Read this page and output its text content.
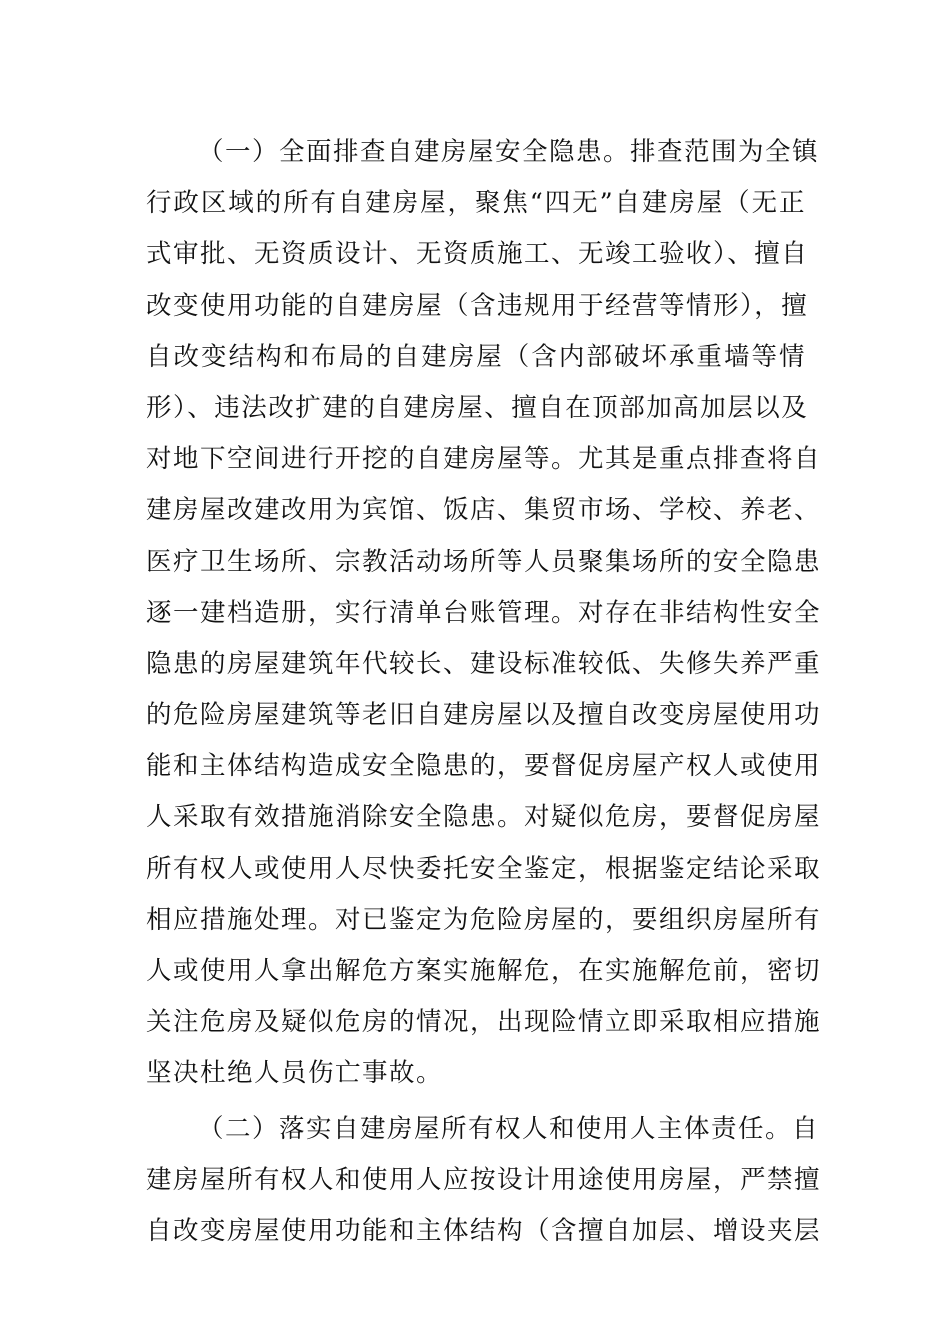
（一）全面排查自建房屋安全隐患。排查范围为全镇
行政区域的所有自建房屋，聚焦“四无”自建房屋（无正
式审批、无资质设计、无资质施工、无竣工验收）、擅自
改变使用功能的自建房屋（含违规用于经营等情形），擅
自改变结构和布局的自建房屋（含内部破坏承重墙等情
形）、违法改扩建的自建房屋、擅自在顶部加高加层以及
对地下空间进行开挖的自建房屋等。尤其是重点排查将自
建房屋改建改用为宾馆、饭店、集贸市场、学校、养老、
医疗卫生场所、宗教活动场所等人员聚集场所的安全隐患
逐一建档造册，实行清单台账管理。对存在非结构性安全
隐患的房屋建筑年代较长、建设标准较低、失修失养严重
的危险房屋建筑等老旧自建房屋以及擅自改变房屋使用功
能和主体结构造成安全隐患的，要督促房屋产权人或使用
人采取有效措施消除安全隐患。对疑似危房，要督促房屋
所有权人或使用人尽快委托安全鉴定，根据鉴定结论采取
相应措施处理。对已鉴定为危险房屋的，要组织房屋所有
人或使用人拿出解危方案实施解危，在实施解危前，密切
关注危房及疑似危房的情况，出现险情立即采取相应措施
坚决杜绝人员伤亡事故。
（二）落实自建房屋所有权人和使用人主体责任。自
建房屋所有权人和使用人应按设计用途使用房屋，严禁擅
自改变房屋使用功能和主体结构（含擅自加层、增设夹层
